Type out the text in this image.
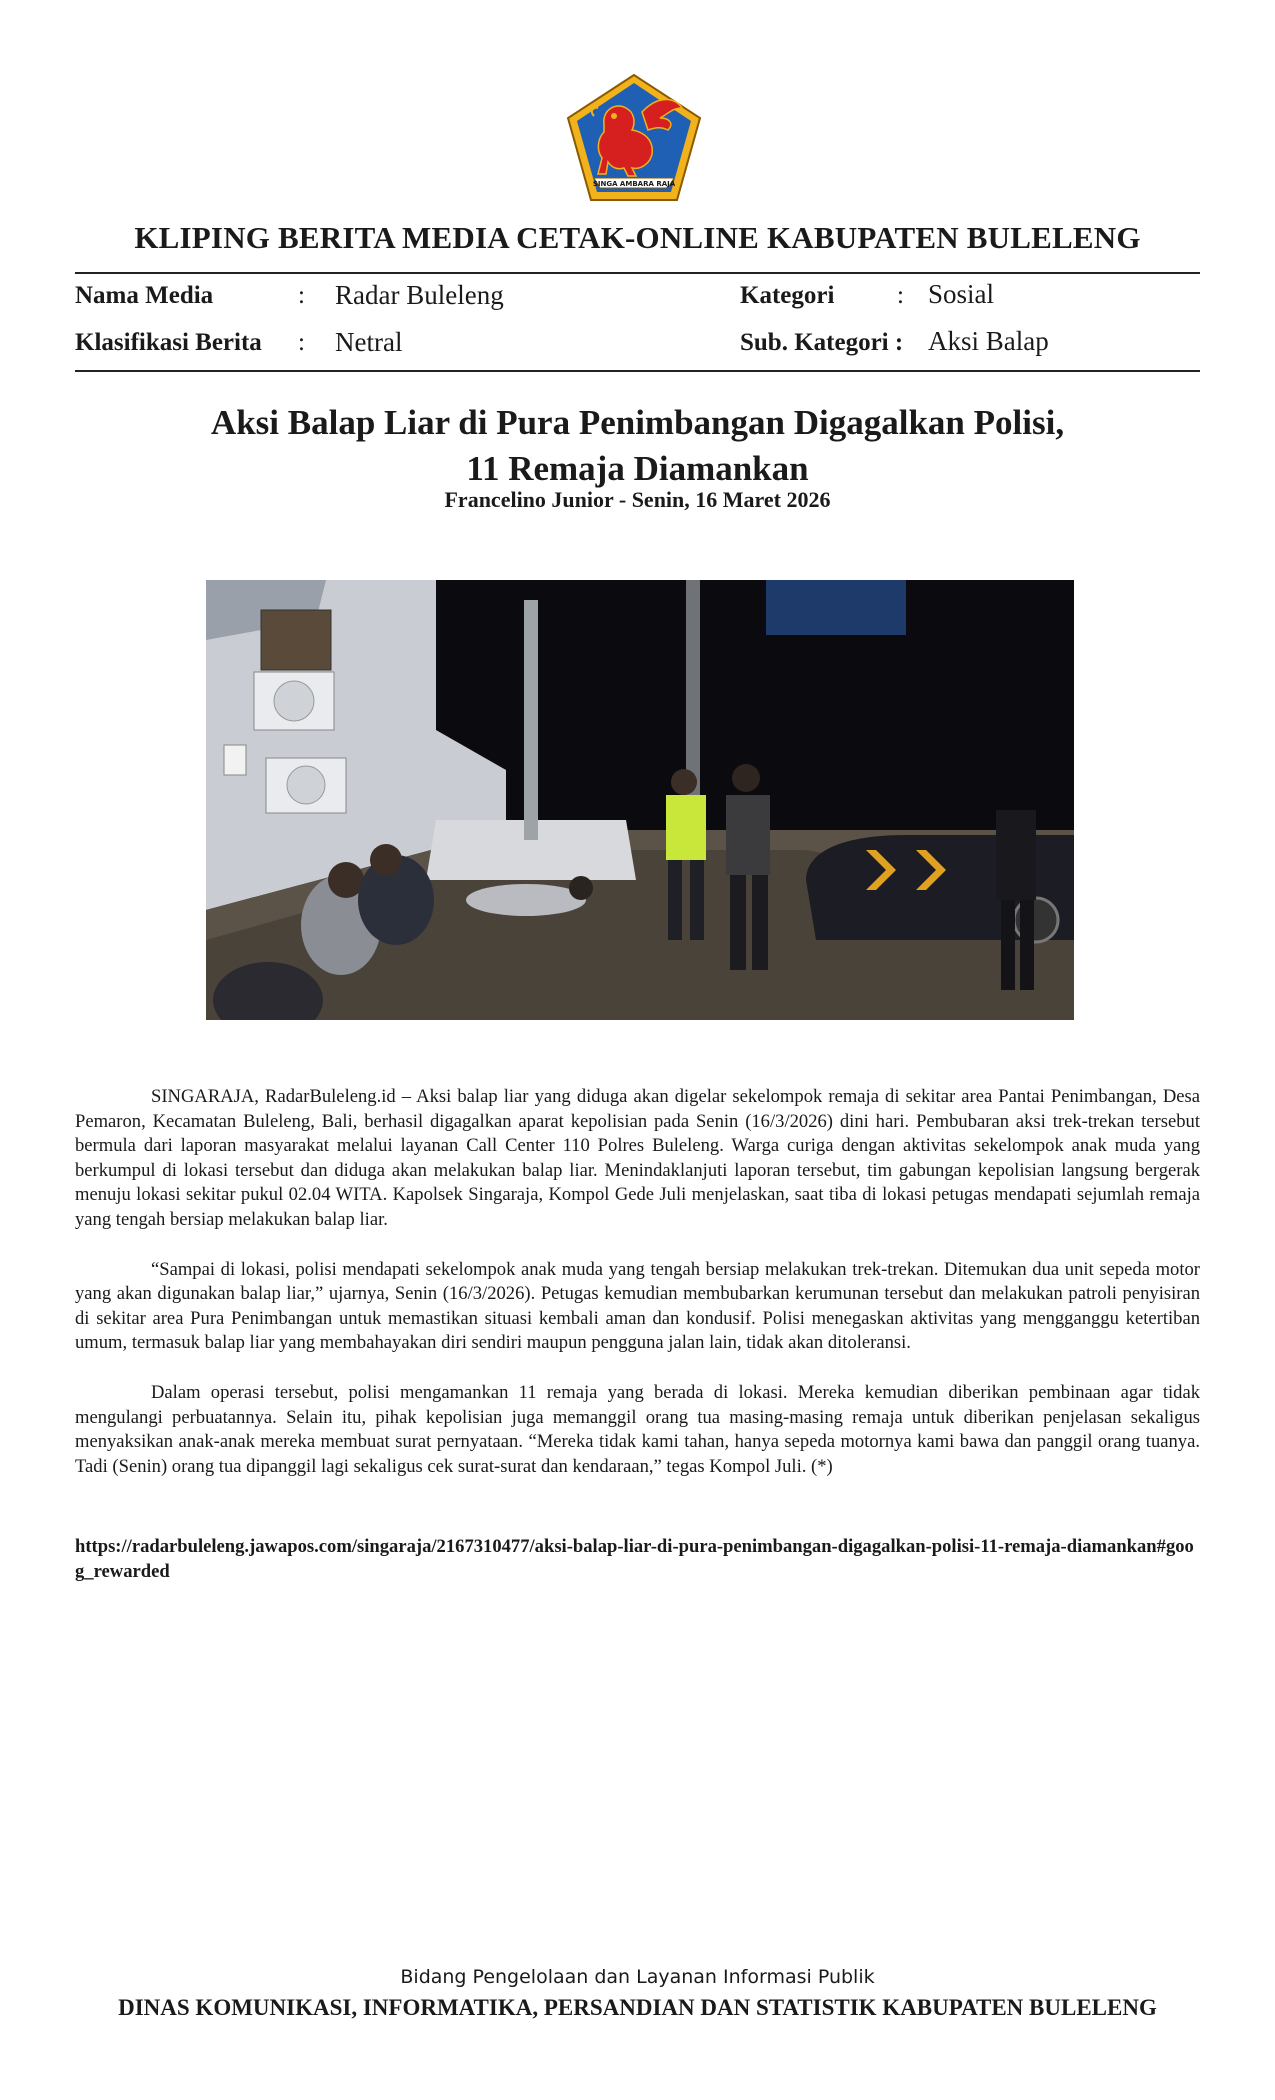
SINGA AMBARA RAJA
KLIPING BERITA MEDIA CETAK-ONLINE KABUPATEN BULELENG
Nama Media	: Radar Buleleng	Kategori	: Sosial
Klasifikasi Berita : Netral	Sub. Kategori : Aksi Balap
Aksi Balap Liar di Pura Penimbangan Digagalkan Polisi,
11 Remaja Diamankan
Francelino Junior - Senin, 16 Maret 2026

SINGARAJA, RadarBuleleng.id – Aksi balap liar yang diduga akan digelar sekelompok remaja di sekitar area Pantai Penimbangan, Desa Pemaron, Kecamatan Buleleng, Bali, berhasil digagalkan aparat kepolisian pada Senin (16/3/2026) dini hari. Pembubaran aksi trek-trekan tersebut bermula dari laporan masyarakat melalui layanan Call Center 110 Polres Buleleng. Warga curiga dengan aktivitas sekelompok anak muda yang berkumpul di lokasi tersebut dan diduga akan melakukan balap liar. Menindaklanjuti laporan tersebut, tim gabungan kepolisian langsung bergerak menuju lokasi sekitar pukul 02.04 WITA. Kapolsek Singaraja, Kompol Gede Juli menjelaskan, saat tiba di lokasi petugas mendapati sejumlah remaja yang tengah bersiap melakukan balap liar.

“Sampai di lokasi, polisi mendapati sekelompok anak muda yang tengah bersiap melakukan trek-trekan. Ditemukan dua unit sepeda motor yang akan digunakan balap liar,” ujarnya, Senin (16/3/2026). Petugas kemudian membubarkan kerumunan tersebut dan melakukan patroli penyisiran di sekitar area Pura Penimbangan untuk memastikan situasi kembali aman dan kondusif. Polisi menegaskan aktivitas yang mengganggu ketertiban umum, termasuk balap liar yang membahayakan diri sendiri maupun pengguna jalan lain, tidak akan ditoleransi.

Dalam operasi tersebut, polisi mengamankan 11 remaja yang berada di lokasi. Mereka kemudian diberikan pembinaan agar tidak mengulangi perbuatannya. Selain itu, pihak kepolisian juga memanggil orang tua masing-masing remaja untuk diberikan penjelasan sekaligus menyaksikan anak-anak mereka membuat surat pernyataan. “Mereka tidak kami tahan, hanya sepeda motornya kami bawa dan panggil orang tuanya. Tadi (Senin) orang tua dipanggil lagi sekaligus cek surat-surat dan kendaraan,” tegas Kompol Juli. (*)

https://radarbuleleng.jawapos.com/singaraja/2167310477/aksi-balap-liar-di-pura-penimbangan-digagalkan-polisi-11-remaja-diamankan#goog_rewarded
Bidang Pengelolaan dan Layanan Informasi Publik
DINAS KOMUNIKASI, INFORMATIKA, PERSANDIAN DAN STATISTIK KABUPATEN BULELENG
